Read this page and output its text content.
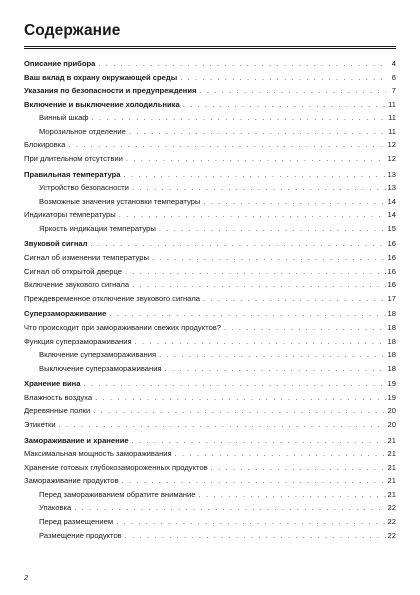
Содержание
Описание прибора . . .	4
Ваш вклад в охрану окружающей среды . . .	6
Указания по безопасности и предупреждения . . .	7
Включение и выключение холодильника . . .	11
Винный шкаф . . .	11
Морозильное отделение . . .	11
Блокировка . . .	12
При длительном отсутствии . . .	12
Правильная температура . . .	13
Устройство безопасности . . .	13
Возможные значения установки температуры . . .	14
Индикаторы температуры . . .	14
Яркость индикации температуры . . .	15
Звуковой сигнал . . .	16
Сигнал об изменении температуры . . .	16
Сигнал об открытой дверце . . .	16
Включение звукового сигнала . . .	16
Преждевременное отключение звукового сигнала . . .	17
Суперзамораживание . . .	18
Что происходит при замораживании свежих продуктов? . . .	18
Функция суперзамораживания . . .	18
Включение суперзамораживания . . .	18
Выключение суперзамораживания . . .	18
Хранение вина . . .	19
Влажность воздуха . . .	19
Деревянные полки . . .	20
Этикетки . . .	20
Замораживание и хранение . . .	21
Максимальная мощность замораживания . . .	21
Хранение готовых глубокозамороженных продуктов . . .	21
Замораживание продуктов . . .	21
Перед замораживанием обратите внимание . . .	21
Упаковка . . .	22
Перед размещением . . .	22
Размещение продуктов . . .	22
2
